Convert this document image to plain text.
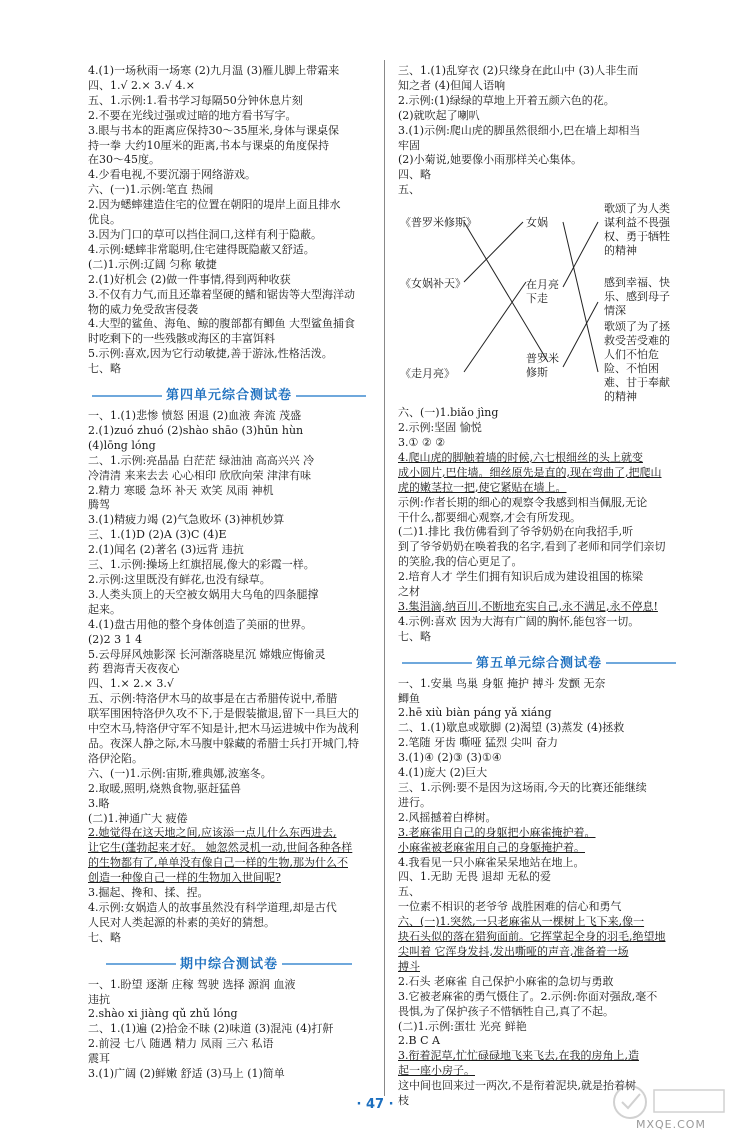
4.(1)一场秋雨一场寒 (2)九月温 (3)雁儿脚上带霜来
四、1.√ 2.× 3.√ 4.×
五、1.示例:1.看书学习每隔50分钟休息片刻
2.不要在光线过强或过暗的地方看书写字。
3.眼与书本的距离应保持30～35厘米,身体与课桌保
持一拳 大约10厘米的距离,书本与课桌的角度保持
在30～45度。
4.少看电视,不要沉溺于网络游戏。
六、(一)1.示例:笔直 热闹
2.因为蟋蟀建造住宅的位置在朝阳的堤岸上面且排水
优良。
3.因为门口的草可以挡住洞口,这样有利于隐蔽。
4.示例:蟋蟀非常聪明,住宅建得既隐蔽又舒适。
(二)1.示例:辽阔 匀称 敏捷
2.(1)好机会 (2)做一件事情,得到两种收获
3.不仅有力气,而且还靠着坚硬的鳍和锯齿等大型海洋动
物的威力免受敌害侵袭
4.大型的鲨鱼、海龟、鲸的腹部都有鲫鱼 大型鲨鱼捕食
时吃剩下的一些残骸或海区的丰富饵料
5.示例:喜欢,因为它行动敏捷,善于游泳,性格活泼。
七、略
第四单元综合测试卷
一、1.(1)悲惨 愤怒 困退 (2)血液 奔流 茂盛
2.(1)zuó zhuó (2)shào shāo (3)hūn hùn
(4)lōng lóng
二、1.示例:亮晶晶 白茫茫 绿油油 高高兴兴 冷
冷清清 来来去去 心心相印 欣欣向荣 津津有味
2.精力 寒暖 急坏 补天 欢笑 凤雨 神机
腾驾
3.(1)精疲力竭 (2)气急败坏 (3)神机妙算
三、1.(1)D (2)A (3)C (4)E
2.(1)闻名 (2)著名 (3)远背 违抗
三、1.示例:操场上红旗招展,像大的彩霞一样。
2.示例:这里既没有鲜花,也没有绿草。
3.人类头顶上的天空被女娲用大乌龟的四条腿撑
起来。
4.(1)盘古用他的整个身体创造了美丽的世界。
(2)2 3 1 4
5.云母屏风烛影深 长河渐落晓星沉 嫦娥应悔偷灵
药 碧海青天夜夜心
四、1.× 2.× 3.√
五、示例:特洛伊木马的故事是在古希腊传说中,希腊
联军围困特洛伊久攻不下,于是假装撤退,留下一具巨大的
中空木马,特洛伊守军不知是计,把木马运进城中作为战利
品。夜深人静之际,木马腹中躲藏的希腊士兵打开城门,特
洛伊沦陷。
六、(一)1.示例:宙斯,雅典娜,波塞冬。
2.取暖,照明,烧熟食物,驱赶猛兽
3.略
(二)1.神通广大 疲倦
2.她觉得在这天地之间,应该添一点儿什么东西进去,
让它生(蓬勃起来才好。 她忽然灵机一动,世间各种各样
的生物都有了,单单没有像自己一样的生物,那为什么不
创造一种像自己一样的生物加入世间呢?
3.掘起、搀和、揉、捏。
4.示例:女娲造人的故事虽然没有科学道理,却是古代
人民对人类起源的朴素的美好的猜想。
七、略
期中综合测试卷
一、1.盼望 逐渐 庄稼 驾驶 选择 源润 血液
违抗
2.shào xi jiàng qǔ zhǔ lóng
二、1.(1)遍 (2)拾金不昧 (2)味道 (3)混沌 (4)打鼾
2.前浸 七八 随遇 精力 凤雨 三六 私语
震耳
3.(1)广阔 (2)鲜嫩 舒适 (3)马上 (1)简单
三、1.(1)乱穿衣 (2)只缘身在此山中 (3)人非生而
知之者 (4)但闻人语响
2.示例:(1)绿绿的草地上开着五颜六色的花。
(2)就吹起了喇叭
3.(1)示例:爬山虎的脚虽然很细小,巴在墙上却相当
牢固
(2)小菊说,她要像小雨那样关心集体。
四、略
五、
《普罗米修斯》
《女娲补天》
《走月亮》
女娲
在月亮下走
普罗米修斯
歌颂了为人类谋利益不畏强权、勇于牺牲的精神
感到幸福、快乐、感到母子情深
歌颂了为了拯救受苦受难的人们不怕危险、不怕困难、甘于奉献的精神
六、(一)1.biǎo jìng
2.示例:坚固 愉悦
3.① ② ②
4.爬山虎的脚触着墙的时候,六七根细丝的头上就变
成小圆片,巴住墙。细丝原先是直的,现在弯曲了,把爬山
虎的嫩茎拉一把,使它紧贴在墙上。
示例:作者长期的细心的观察令我感到相当佩服,无论
干什么,都要细心观察,才会有所发现。
(二)1.排比 我仿佛看到了爷爷奶奶在向我招手,听
到了爷爷奶奶在唤着我的名字,看到了老师和同学们亲切
的笑脸,我的信心更足了。
2.培育人才 学生们拥有知识后成为建设祖国的栋梁
之材
3.集涓滴,纳百川,不断地充实自己,永不满足,永不停息!
4.示例:喜欢 因为大海有广阔的胸怀,能包容一切。
七、略
第五单元综合测试卷
一、1.安巢 鸟巢 身躯 掩护 搏斗 发颤 无奈
鲫鱼
2.hē xiù biàn páng yǎ xiáng
二、1.(1)歇息或歇脚 (2)渴望 (3)蒸发 (4)拯救
2.笔随 牙齿 嘶哑 猛烈 尖叫 奋力
3.(1)④ (2)③ (3)①④
4.(1)庞大 (2)巨大
三、1.示例:要不是因为这场雨,今天的比赛还能继续
进行。
2.风摇撼着白桦树。
3.老麻雀用自己的身躯把小麻雀掩护着。
小麻雀被老麻雀用自己的身躯掩护着。
4.我看见一只小麻雀呆呆地站在地上。
四、1.无助 无畏 退却 无私的爱
五、
一位素不相识的老爷爷 战胜困难的信心和勇气
六、(一)1.突然,一只老麻雀从一棵树上飞下来,像一
块石头似的落在猎狗面前。它挥掌起全身的羽毛,绝望地
尖叫着 它浑身发抖,发出嘶哑的声音,准备着一场
搏斗
2.石头 老麻雀 自己保护小麻雀的急切与勇敢
3.它被老麻雀的勇气慑住了。2.示例:你面对强敌,毫不
畏惧,为了保护孩子不惜牺牲自己,真了不起。
(二)1.示例:蛋壮 光亮 鲜艳
2.B C A
3.衔着泥草,忙忙碌碌地飞来飞去,在我的房角上,造
起一座小房子。
这中间也回来过一两次,不是衔着泥块,就是抬着树
枝
· 47 ·
MXQE.COM
